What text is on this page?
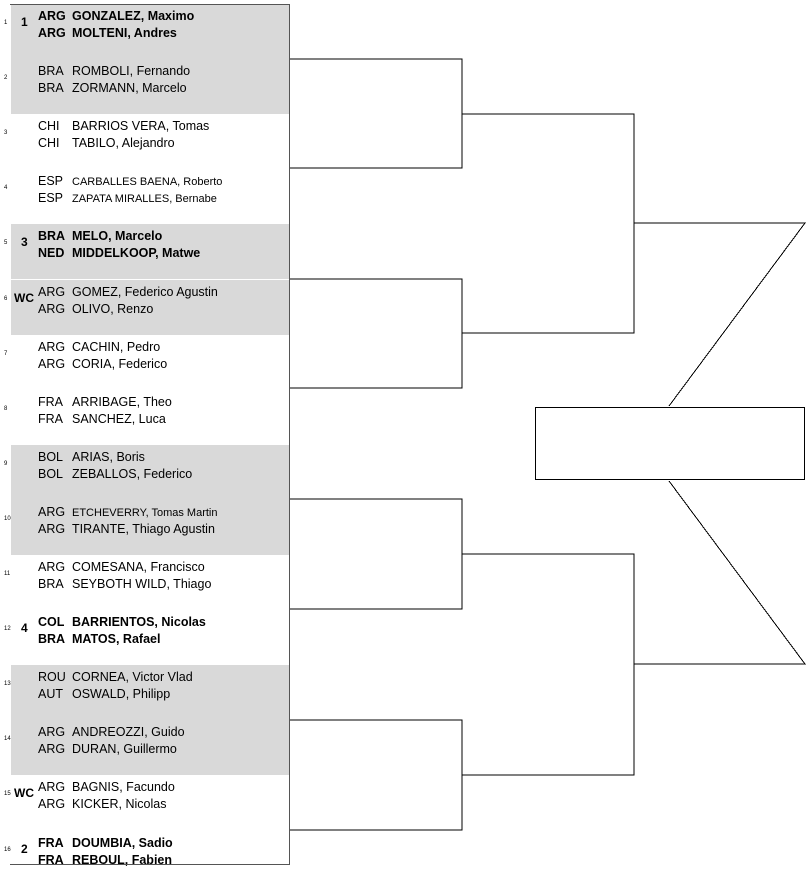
1	1 ARG GONZALEZ, Maximo
ARG MOLTENI, Andres
2	BRA ROMBOLI, Fernando
BRA ZORMANN, Marcelo
3	CHI BARRIOS VERA, Tomas
CHI TABILO, Alejandro
4	ESP CARBALLES BAENA, Roberto
ESP ZAPATA MIRALLES, Bernabe
5	3 BRA MELO, Marcelo
NED MIDDELKOOP, Matwe
6 WC ARG GOMEZ, Federico Agustin
ARG OLIVO, Renzo
7	ARG CACHIN, Pedro
ARG CORIA, Federico
8	FRA ARRIBAGE, Theo
FRA SANCHEZ, Luca
9	BOL ARIAS, Boris
BOL ZEBALLOS, Federico
10 ARG ETCHEVERRY, Tomas Martin
ARG TIRANTE, Thiago Agustin
11 ARG COMESANA, Francisco
BRA SEYBOTH WILD, Thiago
12 4 COL BARRIENTOS, Nicolas
BRA MATOS, Rafael
13 ROU CORNEA, Victor Vlad
AUT OSWALD, Philipp
14 ARG ANDREOZZI, Guido
ARG DURAN, Guillermo
15 WC ARG BAGNIS, Facundo
ARG KICKER, Nicolas
16 2 FRA DOUMBIA, Sadio
FRA REBOUL, Fabien
